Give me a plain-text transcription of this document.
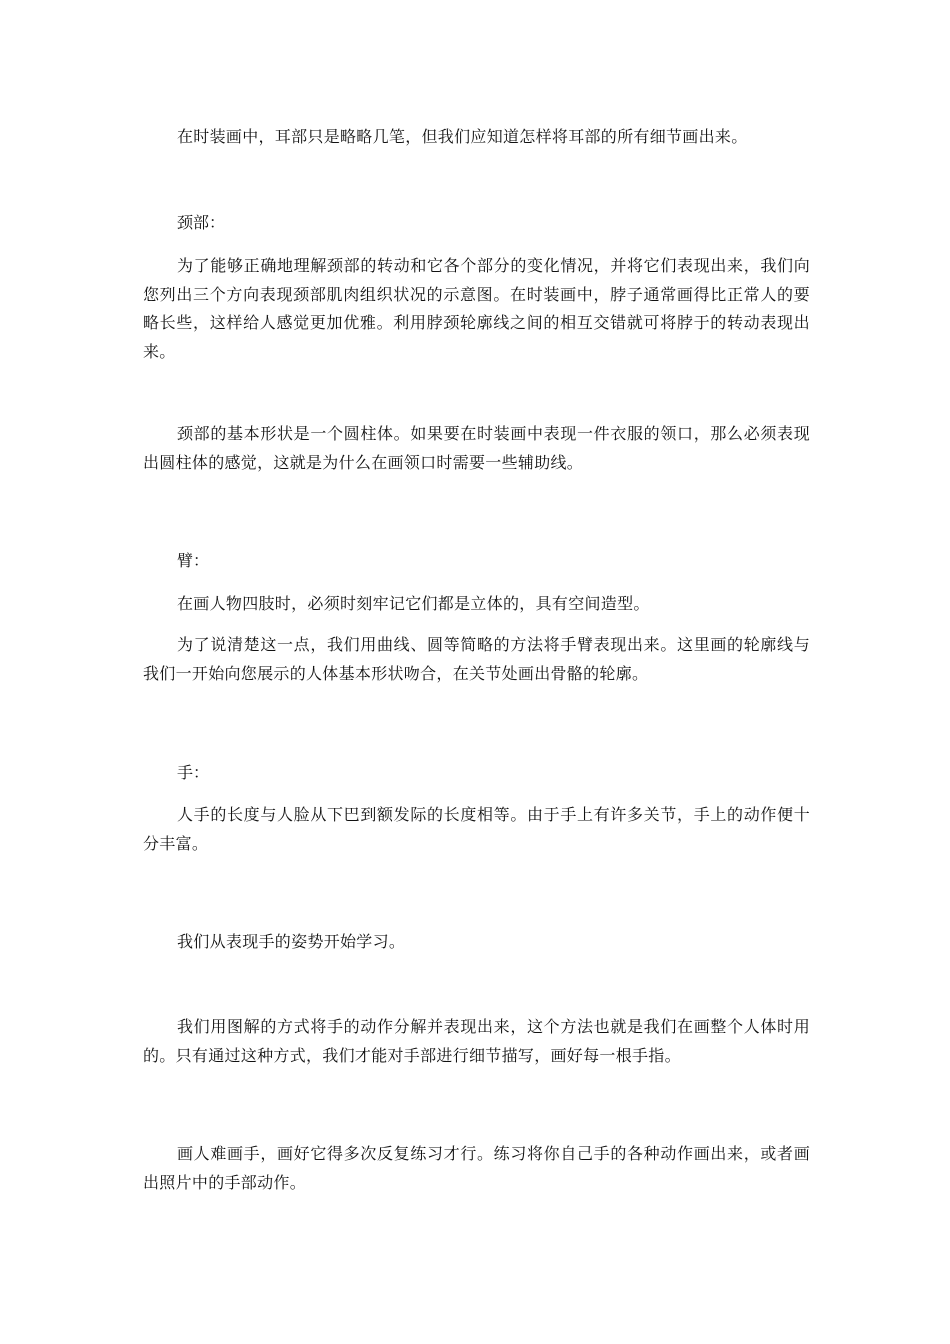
在时装画中，耳部只是略略几笔，但我们应知道怎样将耳部的所有细节画出来。

颈部：

为了能够正确地理解颈部的转动和它各个部分的变化情况，并将它们表现出来，我们向您列出三个方向表现颈部肌肉组织状况的示意图。在时装画中，脖子通常画得比正常人的要略长些，这样给人感觉更加优雅。利用脖颈轮廓线之间的相互交错就可将脖于的转动表现出来。

颈部的基本形状是一个圆柱体。如果要在时装画中表现一件衣服的领口，那么必须表现出圆柱体的感觉，这就是为什么在画领口时需要一些辅助线。

臂：

在画人物四肢时，必须时刻牢记它们都是立体的，具有空间造型。

为了说清楚这一点，我们用曲线、圆等简略的方法将手臂表现出来。这里画的轮廓线与我们一开始向您展示的人体基本形状吻合，在关节处画出骨骼的轮廓。

手：

人手的长度与人脸从下巴到额发际的长度相等。由于手上有许多关节，手上的动作便十分丰富。

我们从表现手的姿势开始学习。

我们用图解的方式将手的动作分解并表现出来，这个方法也就是我们在画整个人体时用的。只有通过这种方式，我们才能对手部进行细节描写，画好每一根手指。

画人难画手，画好它得多次反复练习才行。练习将你自己手的各种动作画出来，或者画出照片中的手部动作。
